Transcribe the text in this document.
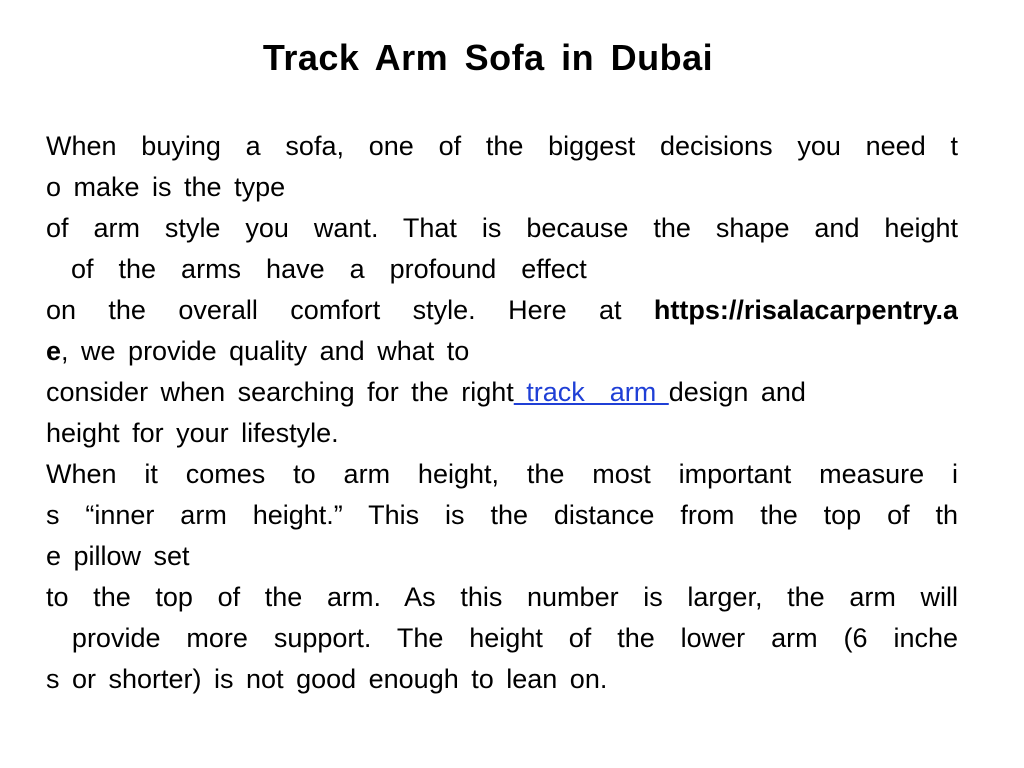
Track Arm Sofa in Dubai
When buying a sofa, one of the biggest decisions you need t
o make is the type
of arm style you want. That is because the shape and height
of  the  arms  have  a  profound  effect
on the overall comfort style. Here at https://risalacarpentry.a
e, we provide quality and what to
consider when searching for the right track  arm design and
height for your lifestyle.
When it comes to arm height, the most important measure i
s “inner arm height.” This is the distance from the top of th
e pillow set
to the top of the arm. As this number is larger, the arm will
provide  more  support.  The  height  of  the  lower  arm  (6  inche
s or shorter) is not good enough to lean on.
